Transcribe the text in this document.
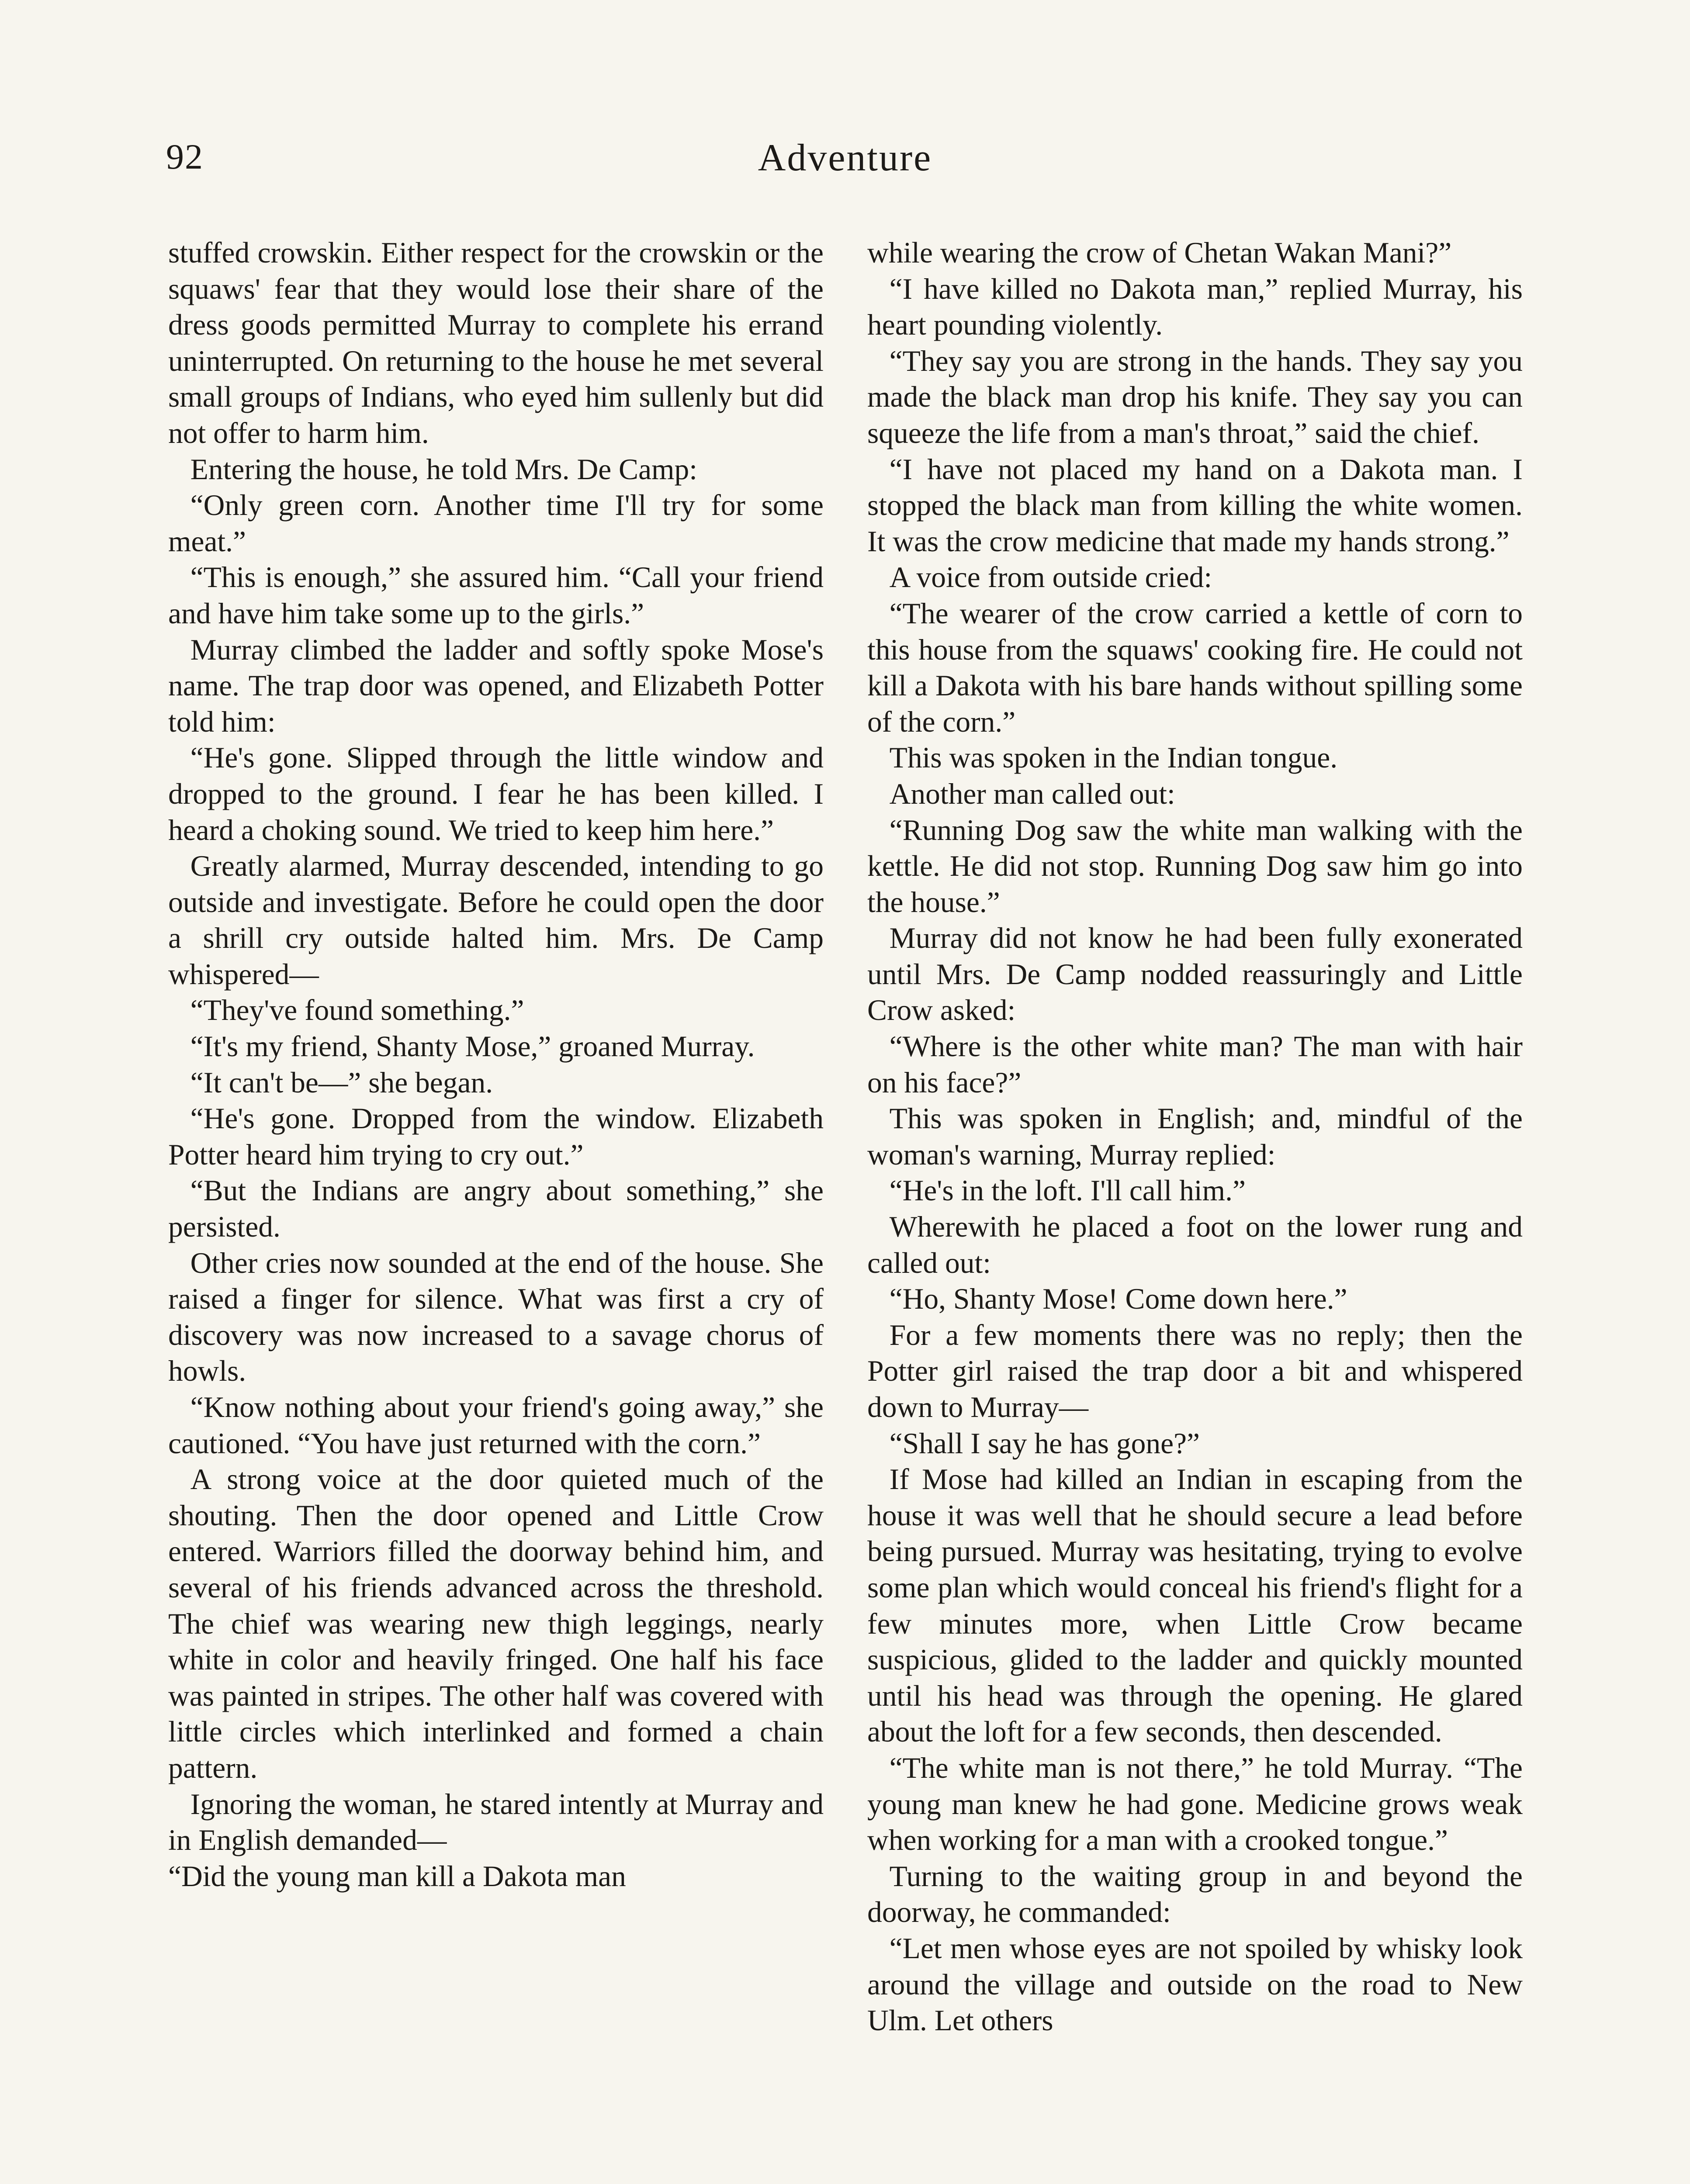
92	Adventure

stuffed crowskin. Either respect for the crowskin or the squaws' fear that they would lose their share of the dress goods permitted Murray to complete his errand uninterrupted. On returning to the house he met several small groups of Indians, who eyed him sullenly but did not offer to harm him.

Entering the house, he told Mrs. De Camp:

“Only green corn. Another time I'll try for some meat.”

“This is enough,” she assured him. “Call your friend and have him take some up to the girls.”

Murray climbed the ladder and softly spoke Mose's name. The trap door was opened, and Elizabeth Potter told him:

“He's gone. Slipped through the little window and dropped to the ground. I fear he has been killed. I heard a choking sound. We tried to keep him here.”

Greatly alarmed, Murray descended, intending to go outside and investigate. Before he could open the door a shrill cry outside halted him. Mrs. De Camp whispered—

“They've found something.”

“It's my friend, Shanty Mose,” groaned Murray.

“It can't be—” she began.

“He's gone. Dropped from the window. Elizabeth Potter heard him trying to cry out.”

“But the Indians are angry about something,” she persisted.

Other cries now sounded at the end of the house. She raised a finger for silence. What was first a cry of discovery was now increased to a savage chorus of howls.

“Know nothing about your friend's going away,” she cautioned. “You have just returned with the corn.”

A strong voice at the door quieted much of the shouting. Then the door opened and Little Crow entered. Warriors filled the doorway behind him, and several of his friends advanced across the threshold. The chief was wearing new thigh leggings, nearly white in color and heavily fringed. One half his face was painted in stripes. The other half was covered with little circles which interlinked and formed a chain pattern.

Ignoring the woman, he stared intently at Murray and in English demanded—

“Did the young man kill a Dakota man

while wearing the crow of Chetan Wakan Mani?”

“I have killed no Dakota man,” replied Murray, his heart pounding violently.

“They say you are strong in the hands. They say you made the black man drop his knife. They say you can squeeze the life from a man's throat,” said the chief.

“I have not placed my hand on a Dakota man. I stopped the black man from killing the white women. It was the crow medicine that made my hands strong.”

A voice from outside cried:

“The wearer of the crow carried a kettle of corn to this house from the squaws' cooking fire. He could not kill a Dakota with his bare hands without spilling some of the corn.”

This was spoken in the Indian tongue.

Another man called out:

“Running Dog saw the white man walking with the kettle. He did not stop. Running Dog saw him go into the house.”

Murray did not know he had been fully exonerated until Mrs. De Camp nodded reassuringly and Little Crow asked:

“Where is the other white man? The man with hair on his face?”

This was spoken in English; and, mindful of the woman's warning, Murray replied:

“He's in the loft. I'll call him.”

Wherewith he placed a foot on the lower rung and called out:

“Ho, Shanty Mose! Come down here.”

For a few moments there was no reply; then the Potter girl raised the trap door a bit and whispered down to Murray—

“Shall I say he has gone?”

If Mose had killed an Indian in escaping from the house it was well that he should secure a lead before being pursued. Murray was hesitating, trying to evolve some plan which would conceal his friend's flight for a few minutes more, when Little Crow became suspicious, glided to the ladder and quickly mounted until his head was through the opening. He glared about the loft for a few seconds, then descended.

“The white man is not there,” he told Murray. “The young man knew he had gone. Medicine grows weak when working for a man with a crooked tongue.”

Turning to the waiting group in and beyond the doorway, he commanded:

“Let men whose eyes are not spoiled by whisky look around the village and outside on the road to New Ulm. Let others
